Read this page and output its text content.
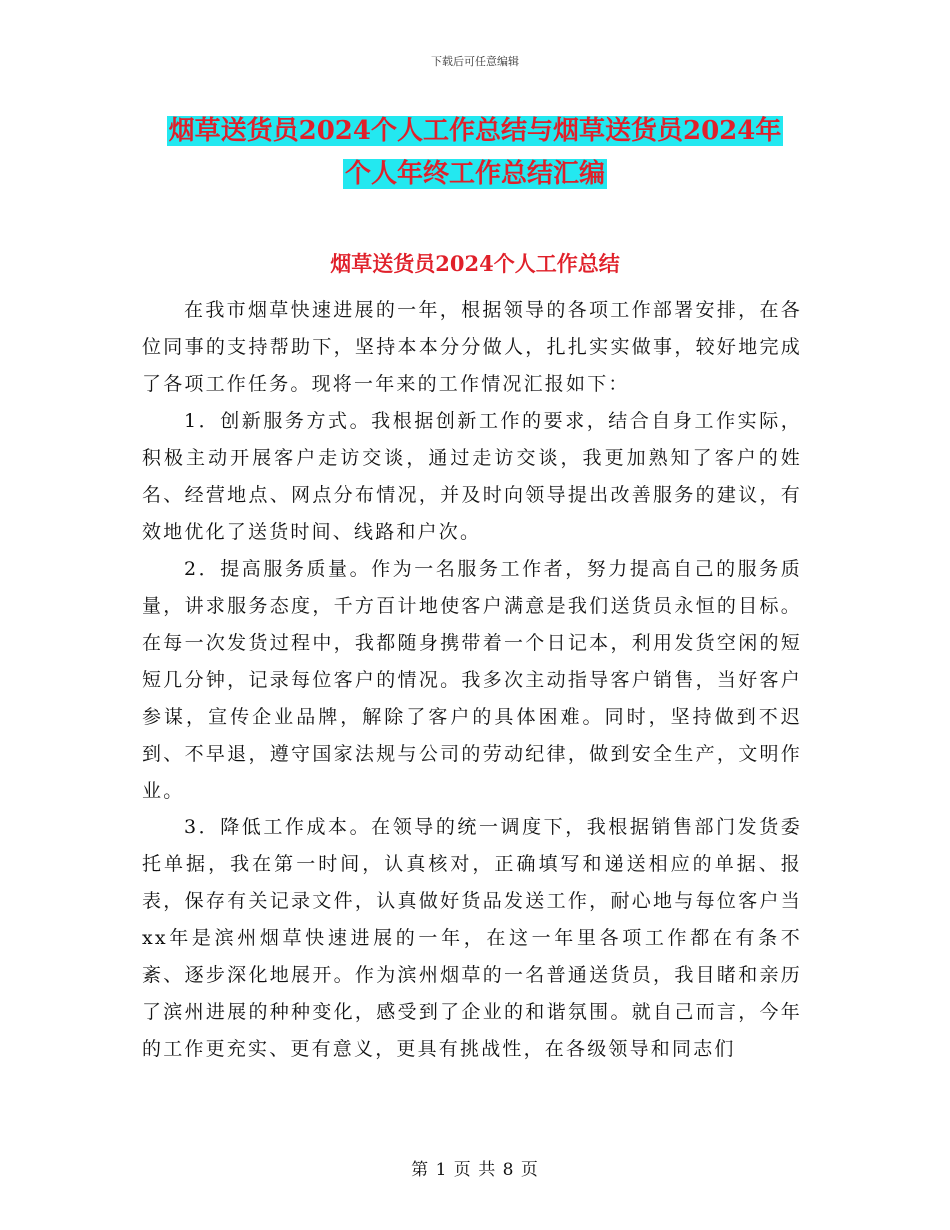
下载后可任意编辑
烟草送货员2024个人工作总结与烟草送货员2024年
个人年终工作总结汇编
烟草送货员2024个人工作总结

在我市烟草快速进展的一年，根据领导的各项工作部署安排，在各位同事的支持帮助下，坚持本本分分做人，扎扎实实做事，较好地完成了各项工作任务。现将一年来的工作情况汇报如下：

1．创新服务方式。我根据创新工作的要求，结合自身工作实际，积极主动开展客户走访交谈，通过走访交谈，我更加熟知了客户的姓名、经营地点、网点分布情况，并及时向领导提出改善服务的建议，有效地优化了送货时间、线路和户次。

2．提高服务质量。作为一名服务工作者，努力提高自己的服务质量，讲求服务态度，千方百计地使客户满意是我们送货员永恒的目标。在每一次发货过程中，我都随身携带着一个日记本，利用发货空闲的短短几分钟，记录每位客户的情况。我多次主动指导客户销售，当好客户参谋，宣传企业品牌，解除了客户的具体困难。同时，坚持做到不迟到、不早退，遵守国家法规与公司的劳动纪律，做到安全生产，文明作业。

3．降低工作成本。在领导的统一调度下，我根据销售部门发货委托单据，我在第一时间，认真核对，正确填写和递送相应的单据、报表，保存有关记录文件，认真做好货品发送工作，耐心地与每位客户当 xx年是滨州烟草快速进展的一年，在这一年里各项工作都在有条不紊、逐步深化地展开。作为滨州烟草的一名普通送货员，我目睹和亲历了滨州进展的种种变化，感受到了企业的和谐氛围。就自己而言，今年的工作更充实、更有意义，更具有挑战性，在各级领导和同志们

第 1 页 共 8 页
